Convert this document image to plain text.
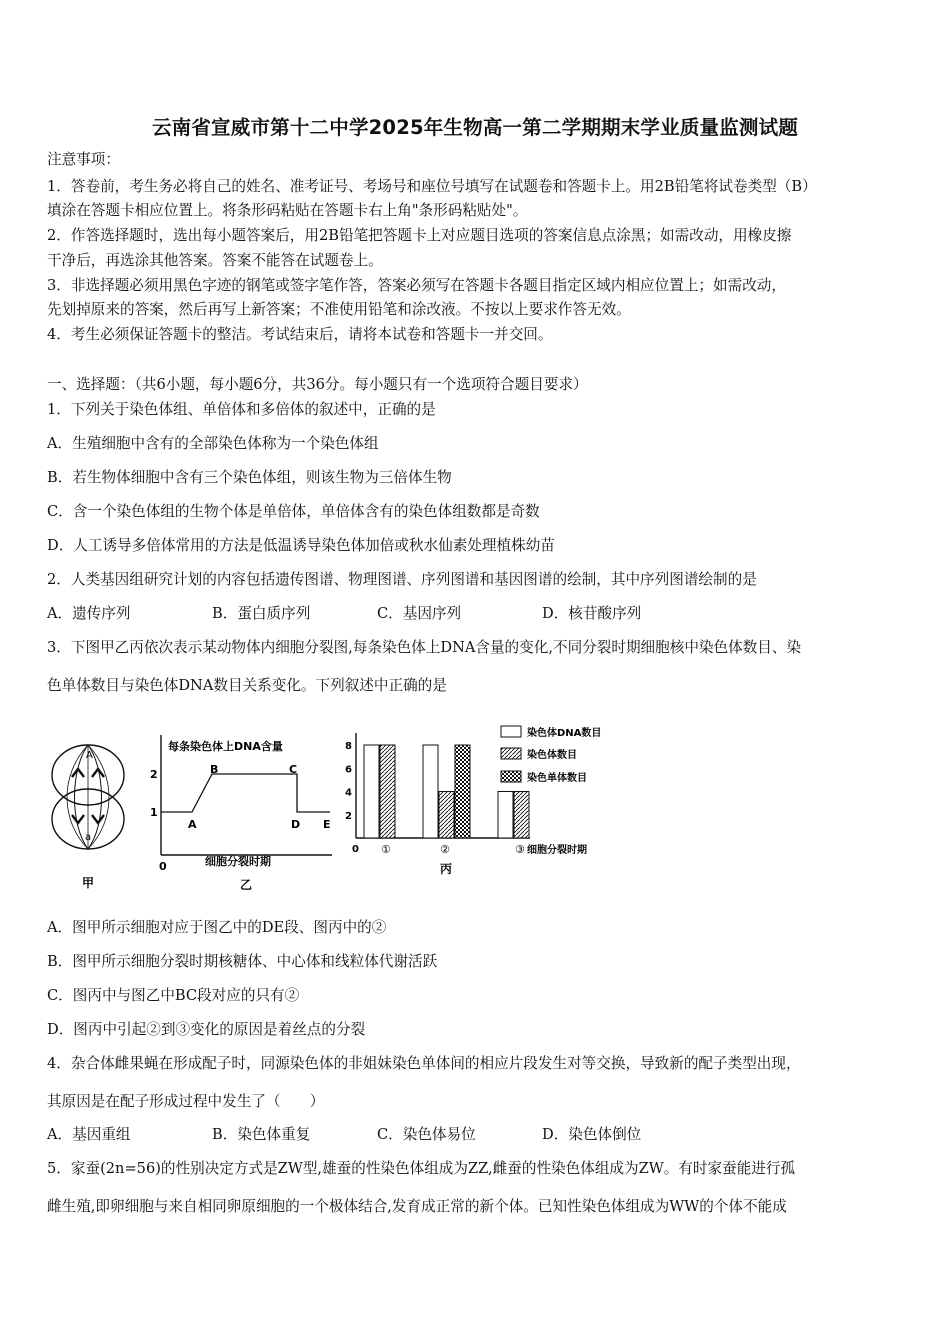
云南省宣威市第十二中学2025年生物高一第二学期期末学业质量监测试题
注意事项：
1．答卷前，考生务必将自己的姓名、准考证号、考场号和座位号填写在试题卷和答题卡上。用2B铅笔将试卷类型（B）
填涂在答题卡相应位置上。将条形码粘贴在答题卡右上角"条形码粘贴处"。
2．作答选择题时，选出每小题答案后，用2B铅笔把答题卡上对应题目选项的答案信息点涂黑；如需改动，用橡皮擦
干净后，再选涂其他答案。答案不能答在试题卷上。
3．非选择题必须用黑色字迹的钢笔或签字笔作答，答案必须写在答题卡各题目指定区域内相应位置上；如需改动，
先划掉原来的答案，然后再写上新答案；不准使用铅笔和涂改液。不按以上要求作答无效。
4．考生必须保证答题卡的整洁。考试结束后，请将本试卷和答题卡一并交回。
一、选择题：（共6小题，每小题6分，共36分。每小题只有一个选项符合题目要求）
1．下列关于染色体组、单倍体和多倍体的叙述中，正确的是
A．生殖细胞中含有的全部染色体称为一个染色体组
B．若生物体细胞中含有三个染色体组，则该生物为三倍体生物
C．含一个染色体组的生物个体是单倍体，单倍体含有的染色体组数都是奇数
D．人工诱导多倍体常用的方法是低温诱导染色体加倍或秋水仙素处理植株幼苗
2．人类基因组研究计划的内容包括遗传图谱、物理图谱、序列图谱和基因图谱的绘制，其中序列图谱绘制的是
A．遗传序列	B．蛋白质序列	C．基因序列	D．核苷酸序列
3．下图甲乙丙依次表示某动物体内细胞分裂图,每条染色体上DNA含量的变化,不同分裂时期细胞核中染色体数目、染
色单体数目与染色体DNA数目关系变化。下列叙述中正确的是
A
a
甲
每条染色体上DNA含量
2
1
0
A
B	C
D E
细胞分裂时期
乙
8
6
4
2
0 ①	②	③ 细胞分裂时期
丙
染色体DNA数目
染色体数目
染色单体数目
A．图甲所示细胞对应于图乙中的DE段、图丙中的②
B．图甲所示细胞分裂时期核糖体、中心体和线粒体代谢活跃
C．图丙中与图乙中BC段对应的只有②
D．图丙中引起②到③变化的原因是着丝点的分裂
4．杂合体雌果蝇在形成配子时，同源染色体的非姐妹染色单体间的相应片段发生对等交换，导致新的配子类型出现，
其原因是在配子形成过程中发生了（　　）
A．基因重组	B．染色体重复	C．染色体易位	D．染色体倒位
5．家蚕(2n=56)的性别决定方式是ZW型,雄蚕的性染色体组成为ZZ,雌蚕的性染色体组成为ZW。有时家蚕能进行孤
雌生殖,即卵细胞与来自相同卵原细胞的一个极体结合,发育成正常的新个体。已知性染色体组成为WW的个体不能成
